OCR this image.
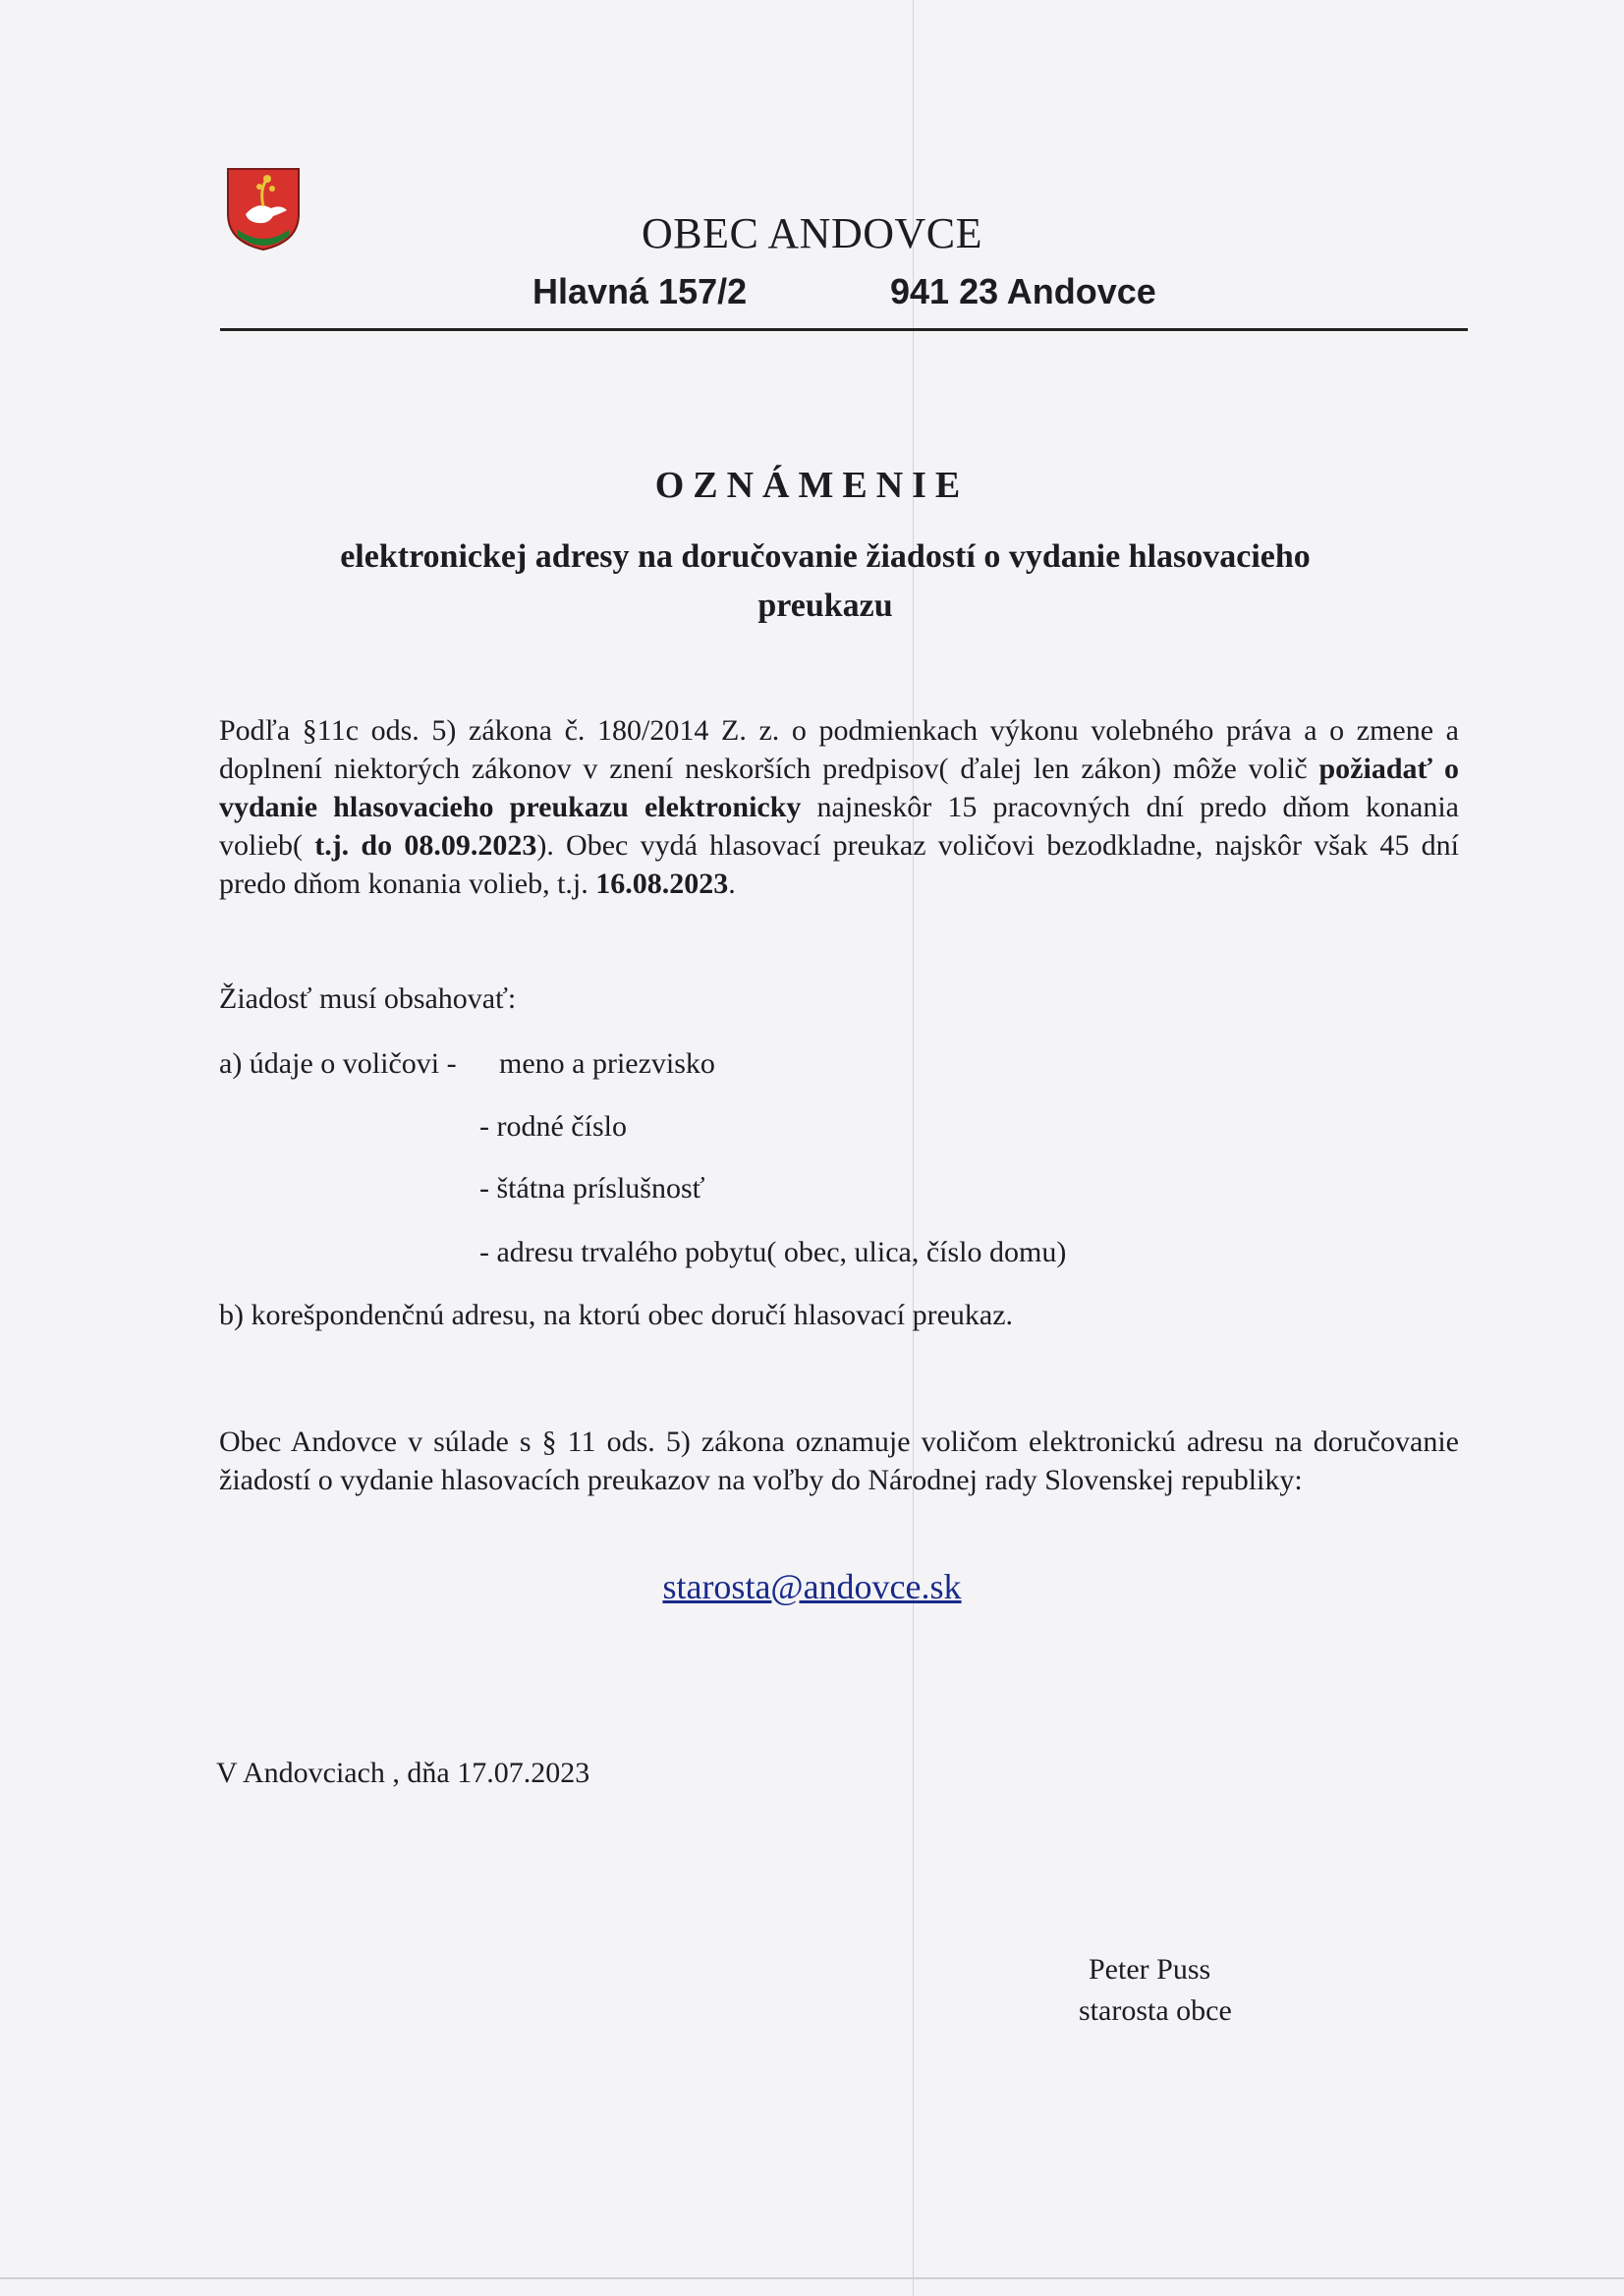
OBEC ANDOVCE
Hlavná 157/2	941 23 Andovce
OZNÁMENIE
elektronickej adresy na doručovanie žiadostí o vydanie hlasovacieho preukazu

Podľa §11c ods. 5) zákona č. 180/2014 Z. z. o podmienkach výkonu volebného práva a o zmene a doplnení niektorých zákonov v znení neskorších predpisov( ďalej len zákon) môže volič požiadať o vydanie hlasovacieho preukazu elektronicky najneskôr 15 pracovných dní predo dňom konania volieb( t.j. do 08.09.2023). Obec vydá hlasovací preukaz voličovi bezodkladne, najskôr však 45 dní predo dňom konania volieb, t.j. 16.08.2023.

Žiadosť musí obsahovať:
a) údaje o voličovi - meno a priezvisko
- rodné číslo
- štátna príslušnosť
- adresu trvalého pobytu( obec, ulica, číslo domu)
b) korešpondenčnú adresu, na ktorú obec doručí hlasovací preukaz.

Obec Andovce v súlade s § 11 ods. 5) zákona oznamuje voličom elektronickú adresu na doručovanie žiadostí o vydanie hlasovacích preukazov na voľby do Národnej rady Slovenskej republiky:

starosta@andovce.sk
V Andovciach , dňa 17.07.2023
Peter Puss
starosta obce
